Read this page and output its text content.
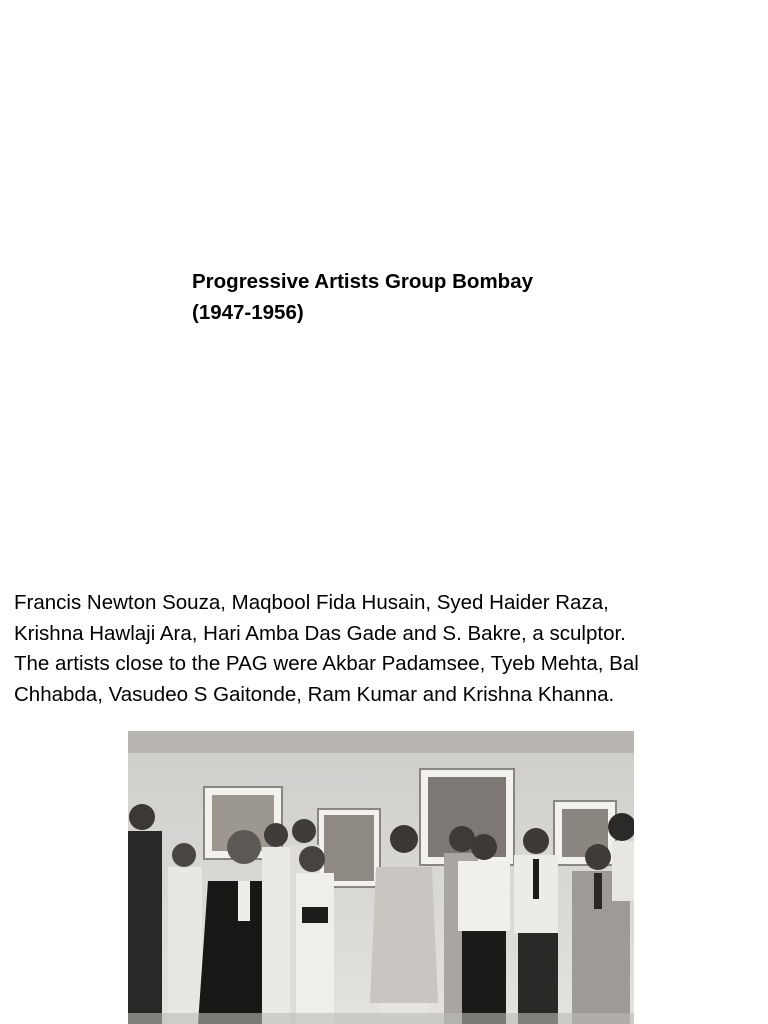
Progressive Artists Group Bombay
(1947-1956)

Francis Newton Souza, Maqbool Fida Husain, Syed Haider Raza,
Krishna Hawlaji Ara, Hari Amba Das Gade and S. Bakre, a sculptor.
The artists close to the PAG were Akbar Padamsee, Tyeb Mehta, Bal
Chhabda, Vasudeo S Gaitonde, Ram Kumar and Krishna Khanna.
